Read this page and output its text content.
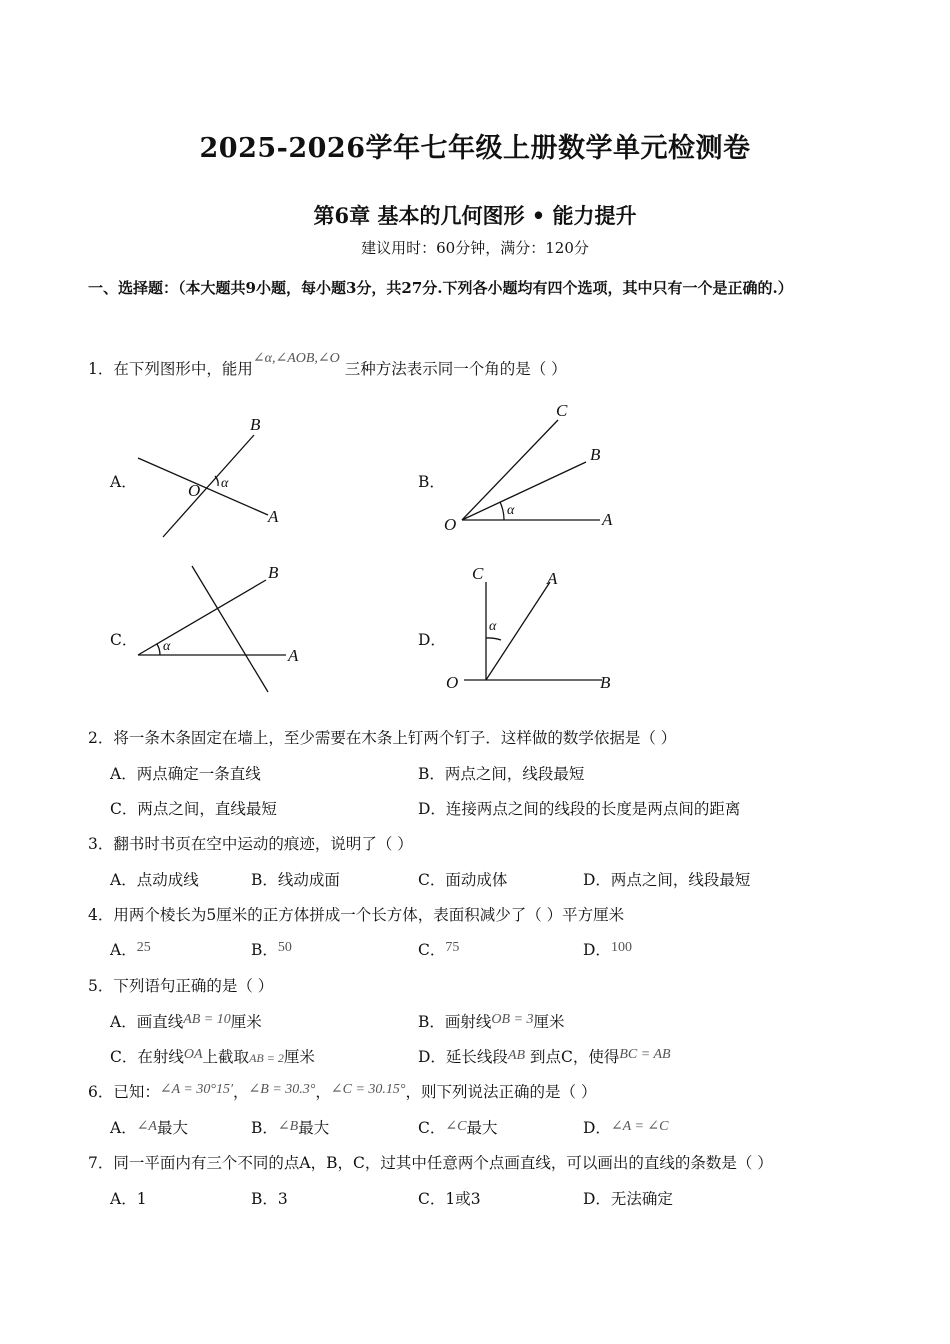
2025-2026学年七年级上册数学单元检测卷
第6章 基本的几何图形 • 能力提升
建议用时：60分钟，满分：120分
一、选择题：（本大题共9小题，每小题3分，共27分.下列各小题均有四个选项，其中只有一个是正确的.）
1．在下列图形中，能用∠α,∠AOB,∠O 三种方法表示同一个角的是（ ）
A．	B．
C．	D．
B
O α
A
C
B
α	A
O
B
α	A
C	A
α
O	B
2．将一条木条固定在墙上，至少需要在木条上钉两个钉子．这样做的数学依据是（ ）
A．两点确定一条直线	B．两点之间，线段最短
C．两点之间，直线最短	D．连接两点之间的线段的长度是两点间的距离
3．翻书时书页在空中运动的痕迹，说明了（ ）
A．点动成线	B．线动成面	C．面动成体	D．两点之间，线段最短
4．用两个棱长为5厘米的正方体拼成一个长方体，表面积减少了（ ）平方厘米
A．25	B．50	C．75	D．100
5．下列语句正确的是（ ）
A．画直线AB = 10厘米	B．画射线OB = 3厘米
C．在射线OA上截取AB = 2厘米	D．延长线段AB 到点C，使得BC = AB
6．已知：∠A = 30°15′，∠B = 30.3°，∠C = 30.15°，则下列说法正确的是（ ）
A．∠A最大	B．∠B最大	C．∠C最大	D．∠A = ∠C
7．同一平面内有三个不同的点A，B，C，过其中任意两个点画直线，可以画出的直线的条数是（ ）
A．1	B．3	C．1或3	D．无法确定
